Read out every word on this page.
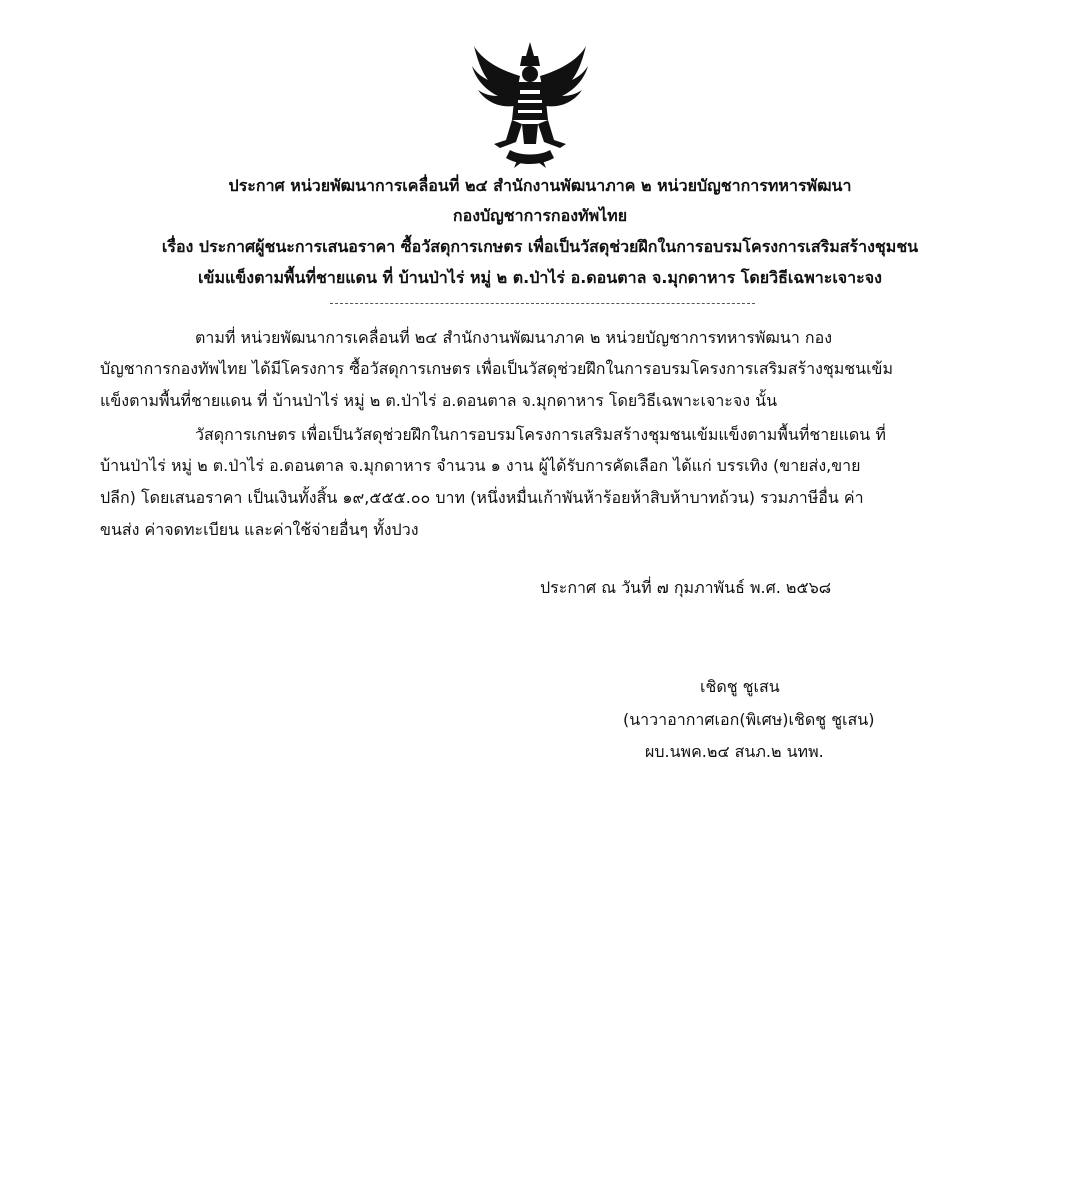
ประกาศ หน่วยพัฒนาการเคลื่อนที่ ๒๔ สำนักงานพัฒนาภาค ๒ หน่วยบัญชาการทหารพัฒนา
กองบัญชาการกองทัพไทย
เรื่อง ประกาศผู้ชนะการเสนอราคา ซื้อวัสดุการเกษตร เพื่อเป็นวัสดุช่วยฝึกในการอบรมโครงการเสริมสร้างชุมชน
เข้มแข็งตามพื้นที่ชายแดน ที่ บ้านป่าไร่ หมู่ ๒ ต.ป่าไร่ อ.ดอนตาล จ.มุกดาหาร โดยวิธีเฉพาะเจาะจง
ตามที่ หน่วยพัฒนาการเคลื่อนที่ ๒๔ สำนักงานพัฒนาภาค ๒ หน่วยบัญชาการทหารพัฒนา กอง
บัญชาการกองทัพไทย ได้มีโครงการ ซื้อวัสดุการเกษตร เพื่อเป็นวัสดุช่วยฝึกในการอบรมโครงการเสริมสร้างชุมชนเข้ม
แข็งตามพื้นที่ชายแดน ที่ บ้านป่าไร่ หมู่ ๒ ต.ป่าไร่ อ.ดอนตาล จ.มุกดาหาร โดยวิธีเฉพาะเจาะจง นั้น
วัสดุการเกษตร เพื่อเป็นวัสดุช่วยฝึกในการอบรมโครงการเสริมสร้างชุมชนเข้มแข็งตามพื้นที่ชายแดน ที่
บ้านป่าไร่ หมู่ ๒ ต.ป่าไร่ อ.ดอนตาล จ.มุกดาหาร จำนวน ๑ งาน ผู้ได้รับการคัดเลือก ได้แก่ บรรเทิง (ขายส่ง,ขาย
ปลีก) โดยเสนอราคา เป็นเงินทั้งสิ้น ๑๙,๕๕๕.๐๐ บาท (หนึ่งหมื่นเก้าพันห้าร้อยห้าสิบห้าบาทถ้วน) รวมภาษีอื่น ค่า
ขนส่ง ค่าจดทะเบียน และค่าใช้จ่ายอื่นๆ ทั้งปวง
ประกาศ ณ วันที่ ๗ กุมภาพันธ์ พ.ศ. ๒๕๖๘
เชิดชู ชูเสน
(นาวาอากาศเอก(พิเศษ)เชิดชู ชูเสน)
ผบ.นพค.๒๔ สนภ.๒ นทพ.
